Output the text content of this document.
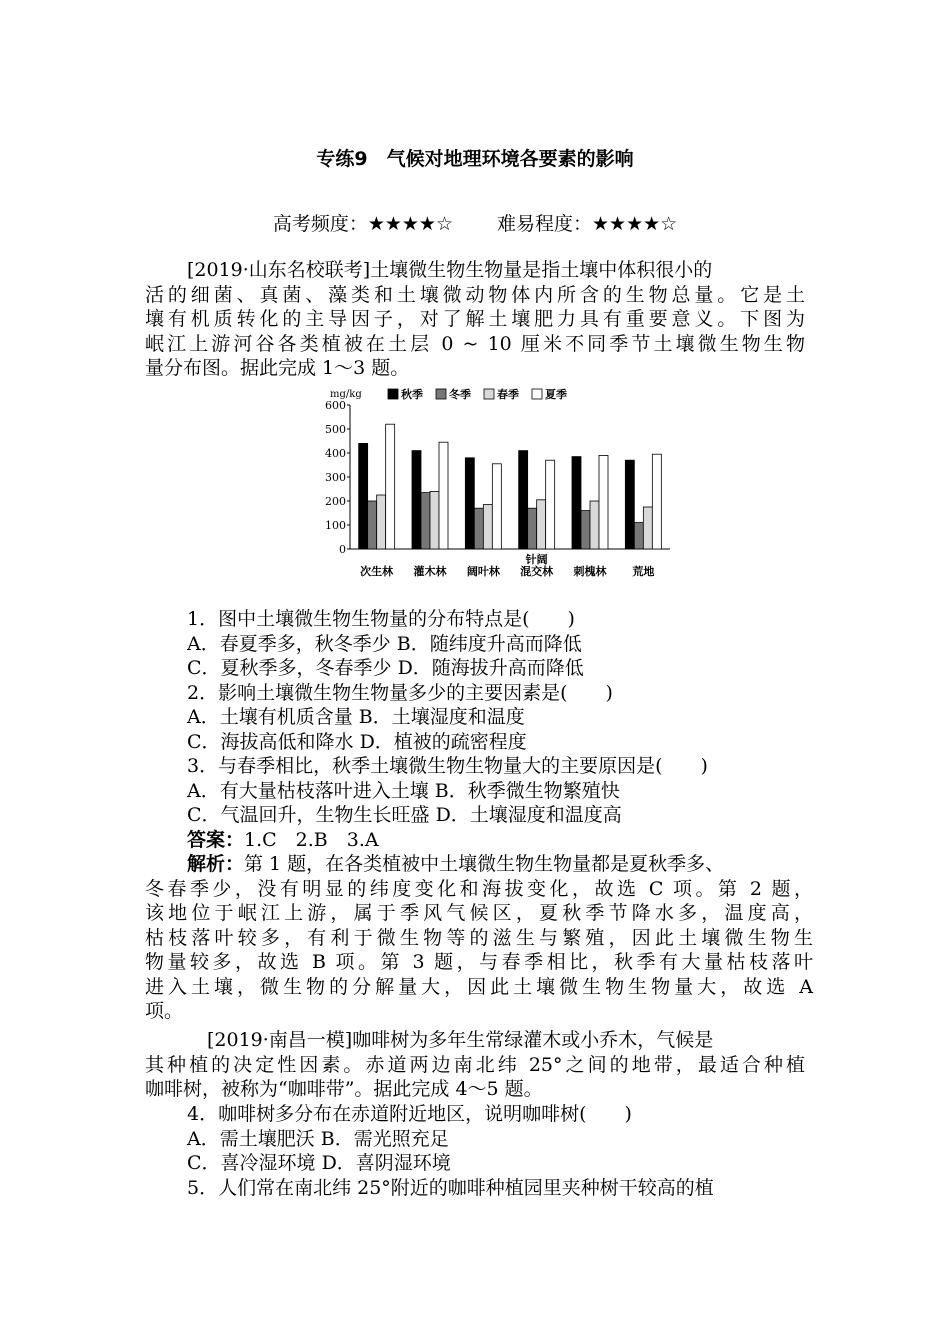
专练9　气候对地理环境各要素的影响
高考频度：★★★★☆ 难易程度：★★★★☆
[2019·山东名校联考]土壤微生物生物量是指土壤中体积很小的
活的细菌、真菌、藻类和土壤微动物体内所含的生物总量。它是土
壤有机质转化的主导因子，对了解土壤肥力具有重要意义。下图为
岷江上游河谷各类植被在土层 0 ~ 10 厘米不同季节土壤微生物生物
量分布图。据此完成 1～3 题。
0
100
200
300
400
500
600
mg/kg	秋季 冬季 春季 夏季
次生林 灌木林 阔叶林
针阔
混交林 刺槐林 荒地
1．图中土壤微生物生物量的分布特点是(　　)
A．春夏季多，秋冬季少 B．随纬度升高而降低
C．夏秋季多，冬春季少 D．随海拔升高而降低
2．影响土壤微生物生物量多少的主要因素是(　　)
A．土壤有机质含量 B．土壤湿度和温度
C．海拔高低和降水 D．植被的疏密程度
3．与春季相比，秋季土壤微生物生物量大的主要原因是(　　)
A．有大量枯枝落叶进入土壤 B．秋季微生物繁殖快
C．气温回升，生物生长旺盛 D．土壤湿度和温度高
答案：1.C　2.B　3.A
解析：第 1 题，在各类植被中土壤微生物生物量都是夏秋季多、
冬春季少，没有明显的纬度变化和海拔变化，故选 C 项。第 2 题，
该地位于岷江上游，属于季风气候区，夏秋季节降水多，温度高，
枯枝落叶较多，有利于微生物等的滋生与繁殖，因此土壤微生物生
物量较多，故选 B 项。第 3 题，与春季相比，秋季有大量枯枝落叶
进入土壤，微生物的分解量大，因此土壤微生物生物量大，故选 A
项。
[2019·南昌一模]咖啡树为多年生常绿灌木或小乔木，气候是
其种植的决定性因素。赤道两边南北纬 25°之间的地带，最适合种植
咖啡树，被称为“咖啡带”。据此完成 4～5 题。
4．咖啡树多分布在赤道附近地区，说明咖啡树(　　)
A．需土壤肥沃 B．需光照充足
C．喜冷湿环境 D．喜阴湿环境
5．人们常在南北纬 25°附近的咖啡种植园里夹种树干较高的植
